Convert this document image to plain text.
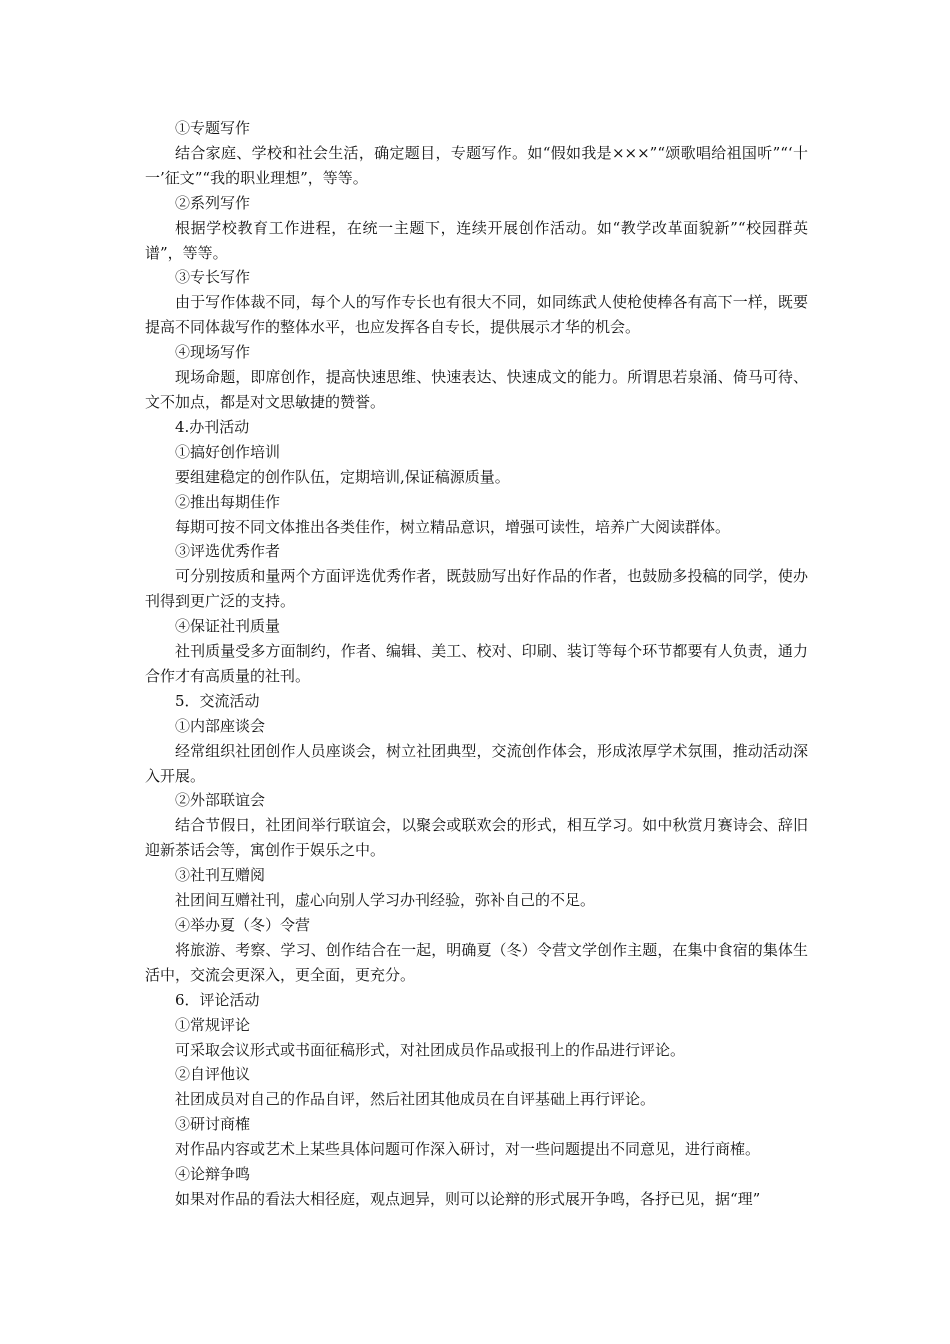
①专题写作

结合家庭、学校和社会生活，确定题目，专题写作。如“假如我是×××”“颂歌唱给祖国听”“‘十一’征文”“我的职业理想”，等等。

②系列写作

根据学校教育工作进程，在统一主题下，连续开展创作活动。如“教学改革面貌新”“校园群英谱”，等等。

③专长写作

由于写作体裁不同，每个人的写作专长也有很大不同，如同练武人使枪使棒各有高下一样，既要提高不同体裁写作的整体水平，也应发挥各自专长，提供展示才华的机会。

④现场写作

现场命题，即席创作，提高快速思维、快速表达、快速成文的能力。所谓思若泉涌、倚马可待、文不加点，都是对文思敏捷的赞誉。

4.办刊活动
①搞好创作培训

要组建稳定的创作队伍，定期培训,保证稿源质量。

②推出每期佳作

每期可按不同文体推出各类佳作，树立精品意识，增强可读性，培养广大阅读群体。

③评选优秀作者

可分别按质和量两个方面评选优秀作者，既鼓励写出好作品的作者，也鼓励多投稿的同学，使办刊得到更广泛的支持。

④保证社刊质量

社刊质量受多方面制约，作者、编辑、美工、校对、印刷、装订等每个环节都要有人负责，通力合作才有高质量的社刊。

5．交流活动
①内部座谈会

经常组织社团创作人员座谈会，树立社团典型，交流创作体会，形成浓厚学术氛围，推动活动深入开展。

②外部联谊会

结合节假日，社团间举行联谊会，以聚会或联欢会的形式，相互学习。如中秋赏月赛诗会、辞旧迎新茶话会等，寓创作于娱乐之中。

③社刊互赠阅

社团间互赠社刊，虚心向别人学习办刊经验，弥补自己的不足。

④举办夏（冬）令营

将旅游、考察、学习、创作结合在一起，明确夏（冬）令营文学创作主题，在集中食宿的集体生活中，交流会更深入，更全面，更充分。

6．评论活动
①常规评论

可采取会议形式或书面征稿形式，对社团成员作品或报刊上的作品进行评论。

②自评他议

社团成员对自己的作品自评，然后社团其他成员在自评基础上再行评论。

③研讨商榷

对作品内容或艺术上某些具体问题可作深入研讨，对一些问题提出不同意见，进行商榷。

④论辩争鸣

如果对作品的看法大相径庭，观点迥异，则可以论辩的形式展开争鸣，各抒已见，据“理”
